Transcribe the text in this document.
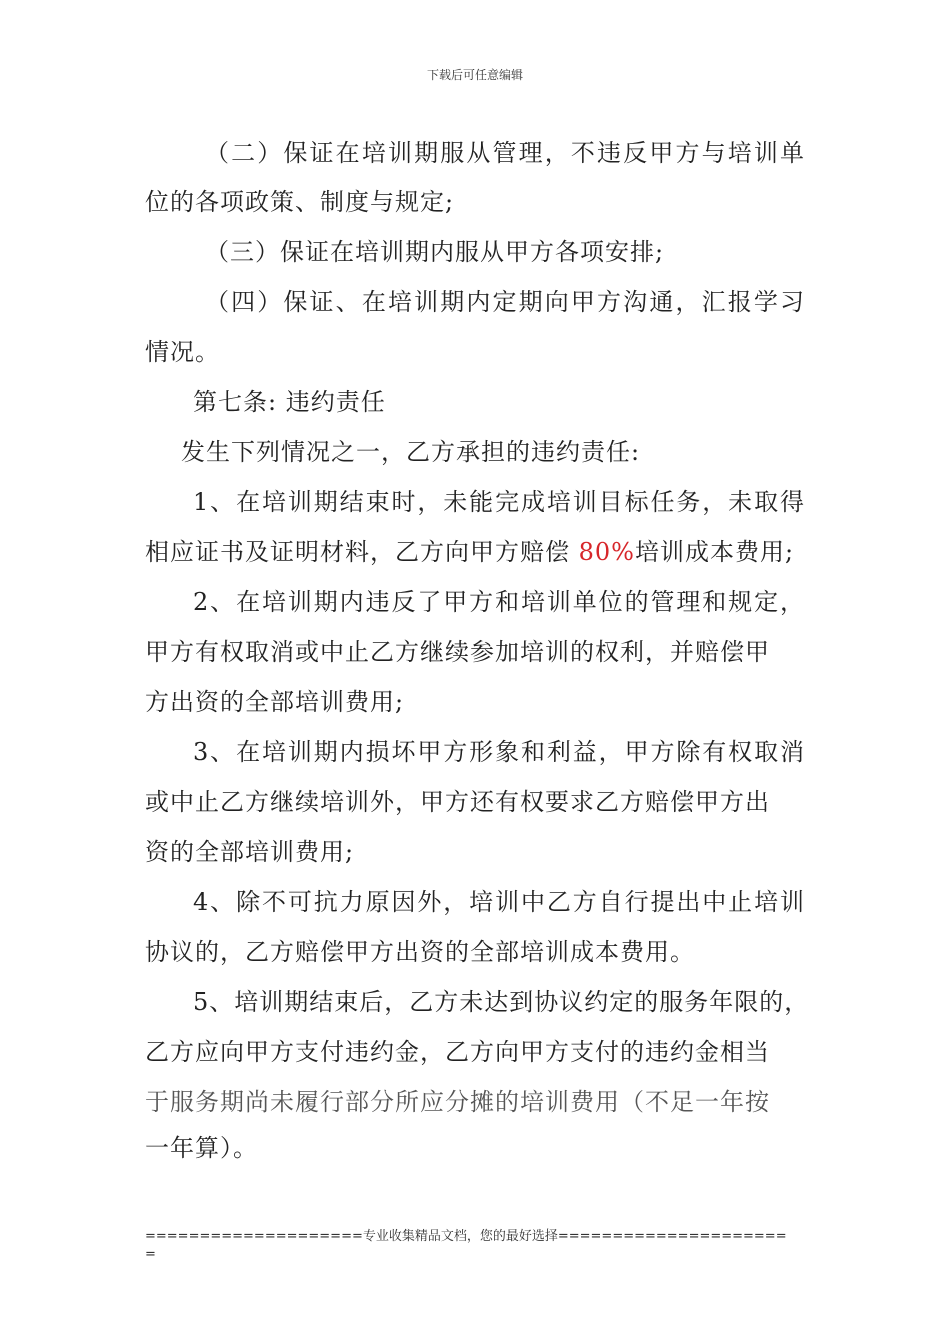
下载后可任意编辑
（二）保证在培训期服从管理，不违反甲方与培训单
位的各项政策、制度与规定;
（三）保证在培训期内服从甲方各项安排;
（四）保证、在培训期内定期向甲方沟通，汇报学习
情况。
第七条: 违约责任
发生下列情况之一，乙方承担的违约责任:
1、在培训期结束时，未能完成培训目标任务，未取得
相应证书及证明材料，乙方向甲方赔偿 80%培训成本费用;
2、在培训期内违反了甲方和培训单位的管理和规定，
甲方有权取消或中止乙方继续参加培训的权利，并赔偿甲
方出资的全部培训费用;
3、在培训期内损坏甲方形象和利益，甲方除有权取消
或中止乙方继续培训外，甲方还有权要求乙方赔偿甲方出
资的全部培训费用;
4、除不可抗力原因外，培训中乙方自行提出中止培训
协议的，乙方赔偿甲方出资的全部培训成本费用。
5、培训期结束后，乙方未达到协议约定的服务年限的，
乙方应向甲方支付违约金，乙方向甲方支付的违约金相当
于服务期尚未履行部分所应分摊的培训费用（不足一年按
一年算）。
====================专业收集精品文档，您的最好选择=====================
=
